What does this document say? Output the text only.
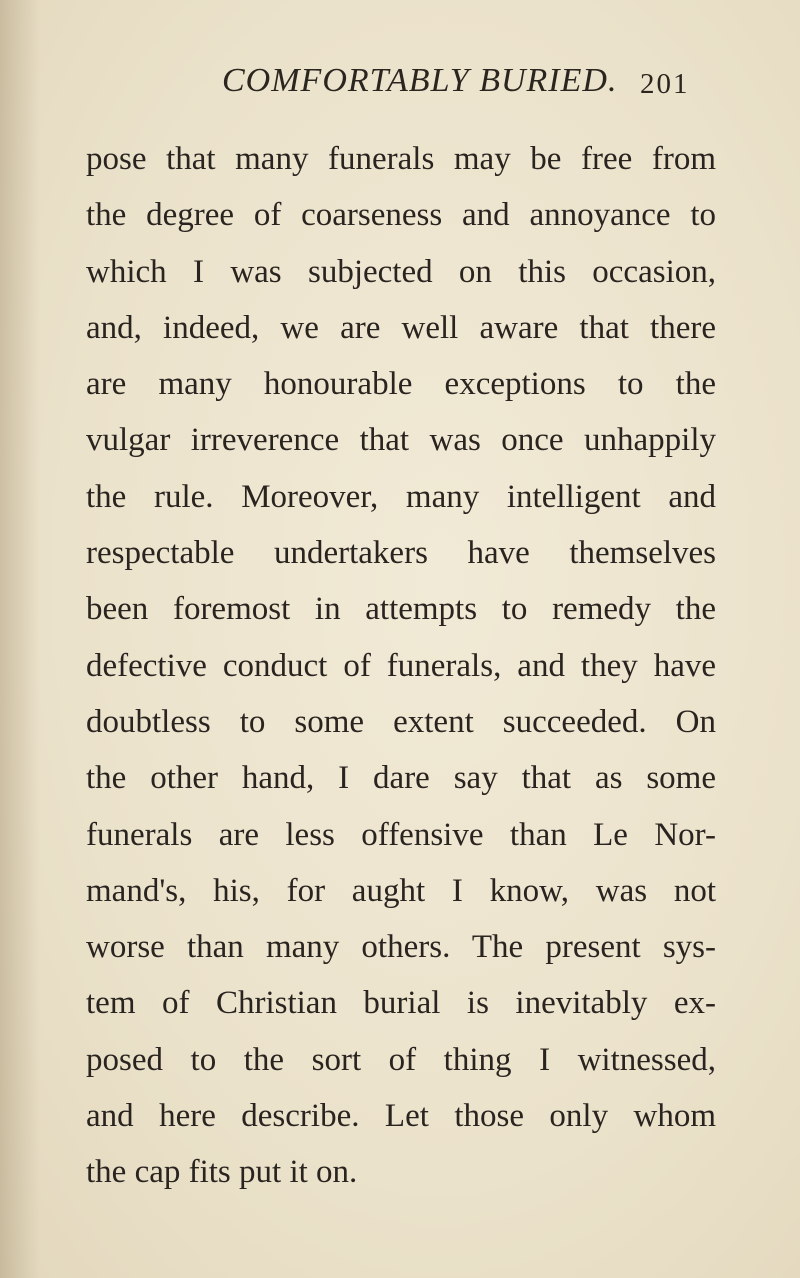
COMFORTABLY BURIED. 201
pose that many funerals may be free from
the degree of coarseness and annoyance to
which I was subjected on this occasion,
and, indeed, we are well aware that there
are many honourable exceptions to the
vulgar irreverence that was once unhappily
the rule. Moreover, many intelligent and
respectable undertakers have themselves
been foremost in attempts to remedy the
defective conduct of funerals, and they have
doubtless to some extent succeeded. On
the other hand, I dare say that as some
funerals are less offensive than Le Nor-
mand's, his, for aught I know, was not
worse than many others. The present sys-
tem of Christian burial is inevitably ex-
posed to the sort of thing I witnessed,
and here describe. Let those only whom
the cap fits put it on.
